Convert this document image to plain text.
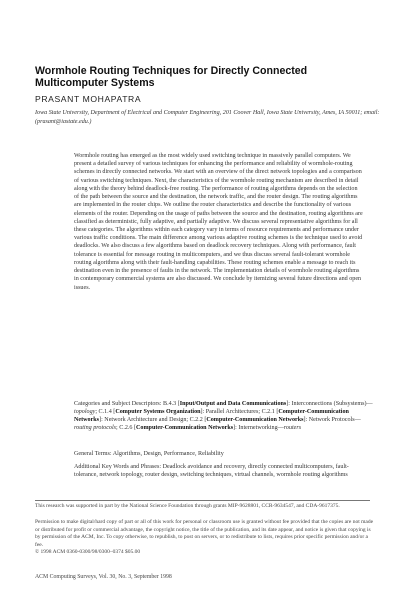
Wormhole Routing Techniques for Directly Connected Multicomputer Systems
PRASANT MOHAPATRA
Iowa State University, Department of Electrical and Computer Engineering, 201 Coover Hall, Iowa State University, Ames, IA 50011; email: (prasant@iastate.edu.)

Wormhole routing has emerged as the most widely used switching technique in massively parallel computers. We present a detailed survey of various techniques for enhancing the performance and reliability of wormhole-routing schemes in directly connected networks. We start with an overview of the direct network topologies and a comparison of various switching techniques. Next, the characteristics of the wormhole routing mechanism are described in detail along with the theory behind deadlock-free routing. The performance of routing algorithms depends on the selection of the path between the source and the destination, the network traffic, and the router design. The routing algorithms are implemented in the router chips. We outline the router characteristics and describe the functionality of various elements of the router. Depending on the usage of paths between the source and the destination, routing algorithms are classified as deterministic, fully adaptive, and partially adaptive. We discuss several representative algorithms for all these categories. The algorithms within each category vary in terms of resource requirements and performance under various traffic conditions. The main difference among various adaptive routing schemes is the technique used to avoid deadlocks. We also discuss a few algorithms based on deadlock recovery techniques. Along with performance, fault tolerance is essential for message routing in multicomputers, and we thus discuss several fault-tolerant wormhole routing algorithms along with their fault-handling capabilities. These routing schemes enable a message to reach its destination even in the presence of faults in the network. The implementation details of wormhole routing algorithms in contemporary commercial systems are also discussed. We conclude by itemizing several future directions and open issues.

Categories and Subject Descriptors: B.4.3 [Input/Output and Data Communications]: Interconnections (Subsystems)—topology; C.1.4 [Computer Systems Organization]: Parallel Architectures; C.2.1 [Computer-Communication Networks]: Network Architecture and Design; C.2.2 [Computer-Communication Networks]: Network Protocols—routing protocols; C.2.6 [Computer-Communication Networks]: Internetworking—routers
General Terms: Algorithms, Design, Performance, Reliability
Additional Key Words and Phrases: Deadlock avoidance and recovery, directly connected multicomputers, fault-tolerance, network topology, router design, switching techniques, virtual channels, wormhole routing algorithms
This research was supported in part by the National Science Foundation through grants MIP-9628801, CCR-9634547, and CDA-9617375.
Permission to make digital/hard copy of part or all of this work for personal or classroom use is granted without fee provided that the copies are not made or distributed for profit or commercial advantage, the copyright notice, the title of the publication, and its date appear, and notice is given that copying is by permission of the ACM, Inc. To copy otherwise, to republish, to post on servers, or to redistribute to lists, requires prior specific permission and/or a fee.
© 1998 ACM 0360-0300/98/0300–0374 $05.00
ACM Computing Surveys, Vol. 30, No. 3, September 1998
